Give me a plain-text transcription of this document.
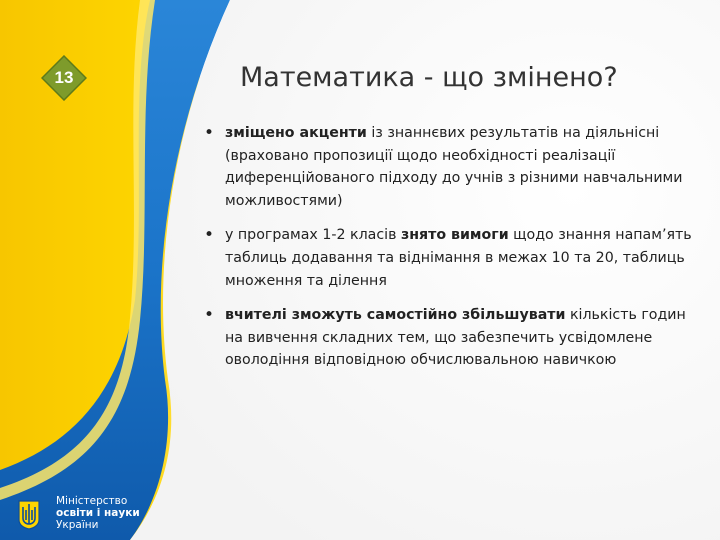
13	Математика - що змінено?
• зміщено акценти із знаннєвих результатів на діяльнісні (враховано пропозиції щодо необхідності реалізації диференційованого підходу до учнів з різними навчальними можливостями)
• у програмах 1-2 класів знято вимоги щодо знання напам’ять таблиць додавання та віднімання в межах 10 та 20, таблиць множення та ділення
• вчителі зможуть самостійно збільшувати кількість годин на вивчення складних тем, що забезпечить усвідомлене оволодіння відповідною обчислювальною навичкою
Міністерство
освіти і науки
України
